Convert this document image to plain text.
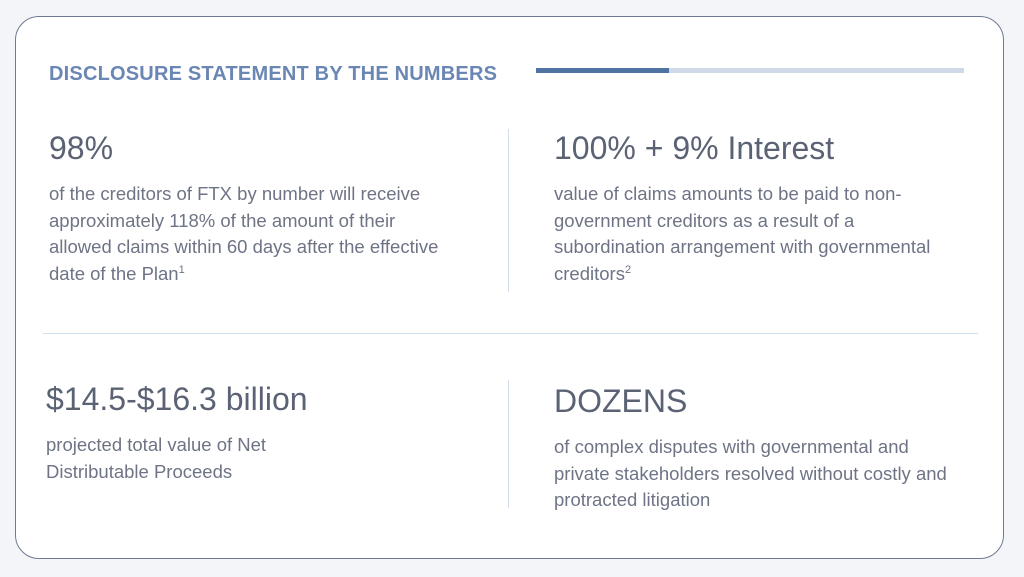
DISCLOSURE STATEMENT BY THE NUMBERS
98%
of the creditors of FTX by number will receive approximately 118% of the amount of their allowed claims within 60 days after the effective date of the Plan$^1$
100% + 9% Interest
value of claims amounts to be paid to non-government creditors as a result of a subordination arrangement with governmental creditors$^2$
$14.5-$16.3 billion
projected total value of Net Distributable Proceeds
DOZENS
of complex disputes with governmental and private stakeholders resolved without costly and protracted litigation
